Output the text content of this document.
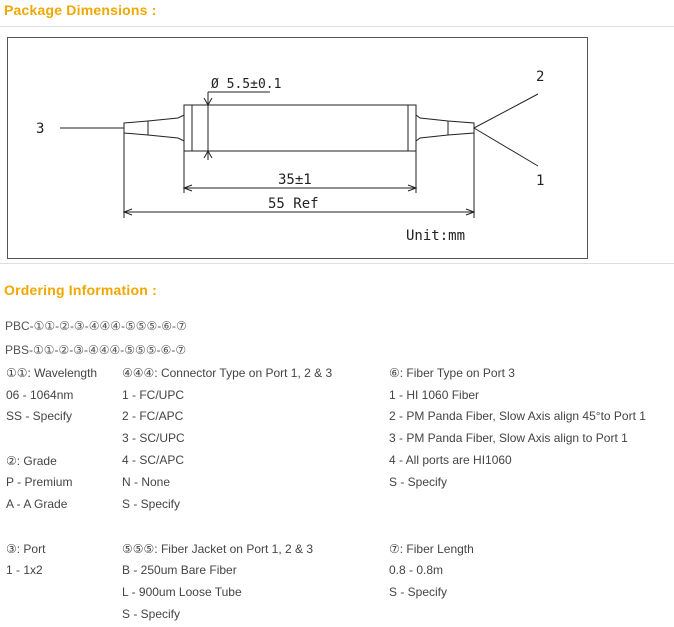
Package Dimensions :
3
2
1
Ø 5.5±0.1
35±1
55 Ref
Unit:mm
Ordering Information :
PBC-①①-②-③-④④④-⑤⑤⑤-⑥-⑦
PBS-①①-②-③-④④④-⑤⑤⑤-⑥-⑦
①①: Wavelength
06 - 1064nm
SS - Specify
②: Grade
P - Premium
A - A Grade
③: Port
1 - 1x2
④④④: Connector Type on Port 1, 2 & 3
1 - FC/UPC
2 - FC/APC
3 - SC/UPC
4 - SC/APC
N - None
S - Specify
⑤⑤⑤: Fiber Jacket on Port 1, 2 & 3
B - 250um Bare Fiber
L - 900um Loose Tube
S - Specify
⑥: Fiber Type on Port 3
1 - HI 1060 Fiber
2 - PM Panda Fiber, Slow Axis align 45°to Port 1
3 - PM Panda Fiber, Slow Axis align to Port 1
4 - All ports are HI1060
S - Specify
⑦: Fiber Length
0.8 - 0.8m
S - Specify
